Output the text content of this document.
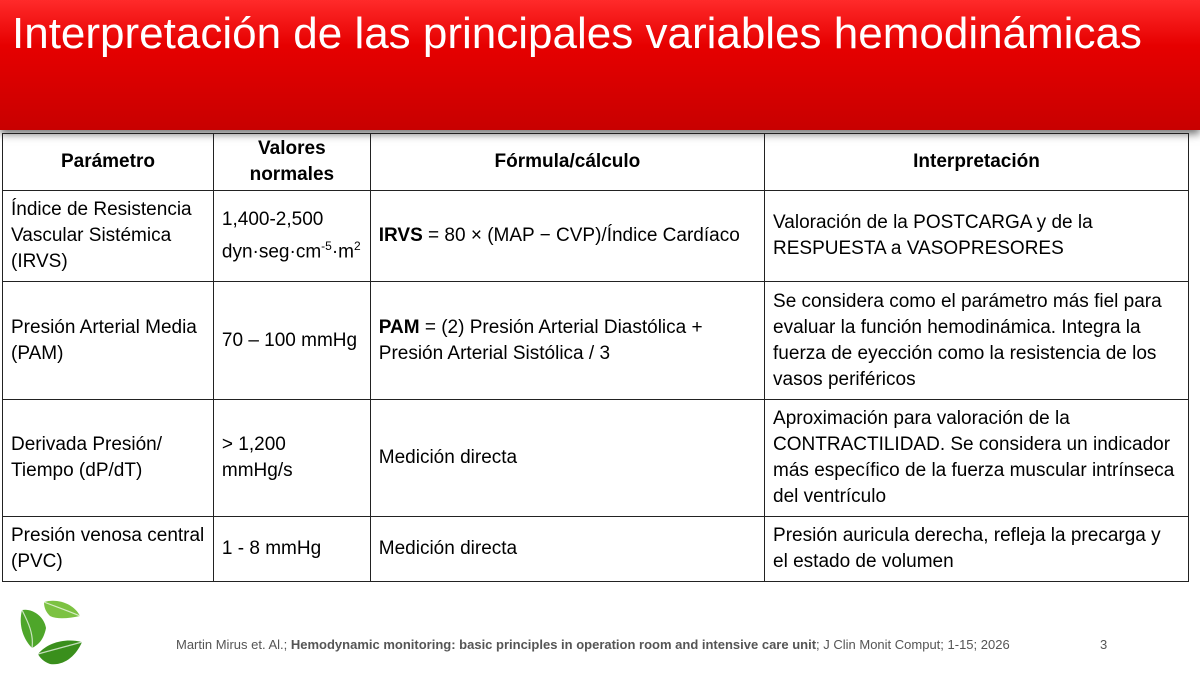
Interpretación de las principales variables hemodinámicas
Parámetro	Valores normales	Fórmula/cálculo	Interpretación
Índice de Resistencia Vascular Sistémica (IRVS)	1,400-2,500 $dyn\cdot seg\cdot cm^{-5}\cdot m^2$	IRVS = 80 × (MAP − CVP)/Índice Cardíaco	Valoración de la POSTCARGA y de la RESPUESTA a VASOPRESORES
Presión Arterial Media (PAM)	70 – 100 mmHg	PAM = (2) Presión Arterial Diastólica + Presión Arterial Sistólica / 3	Se considera como el parámetro más fiel para evaluar la función hemodinámica. Integra la fuerza de eyección como la resistencia de los vasos periféricos
Derivada Presión/ Tiempo (dP/dT)	> 1,200 mmHg/s	Medición directa	Aproximación para valoración de la CONTRACTILIDAD. Se considera un indicador más específico de la fuerza muscular intrínseca del ventrículo
Presión venosa central (PVC)	1 - 8 mmHg	Medición directa	Presión auricula derecha, refleja la precarga y el estado de volumen
Martin Mirus et. Al.; Hemodynamic monitoring: basic principles in operation room and intensive care unit; J Clin Monit Comput; 1-15; 2026	3
